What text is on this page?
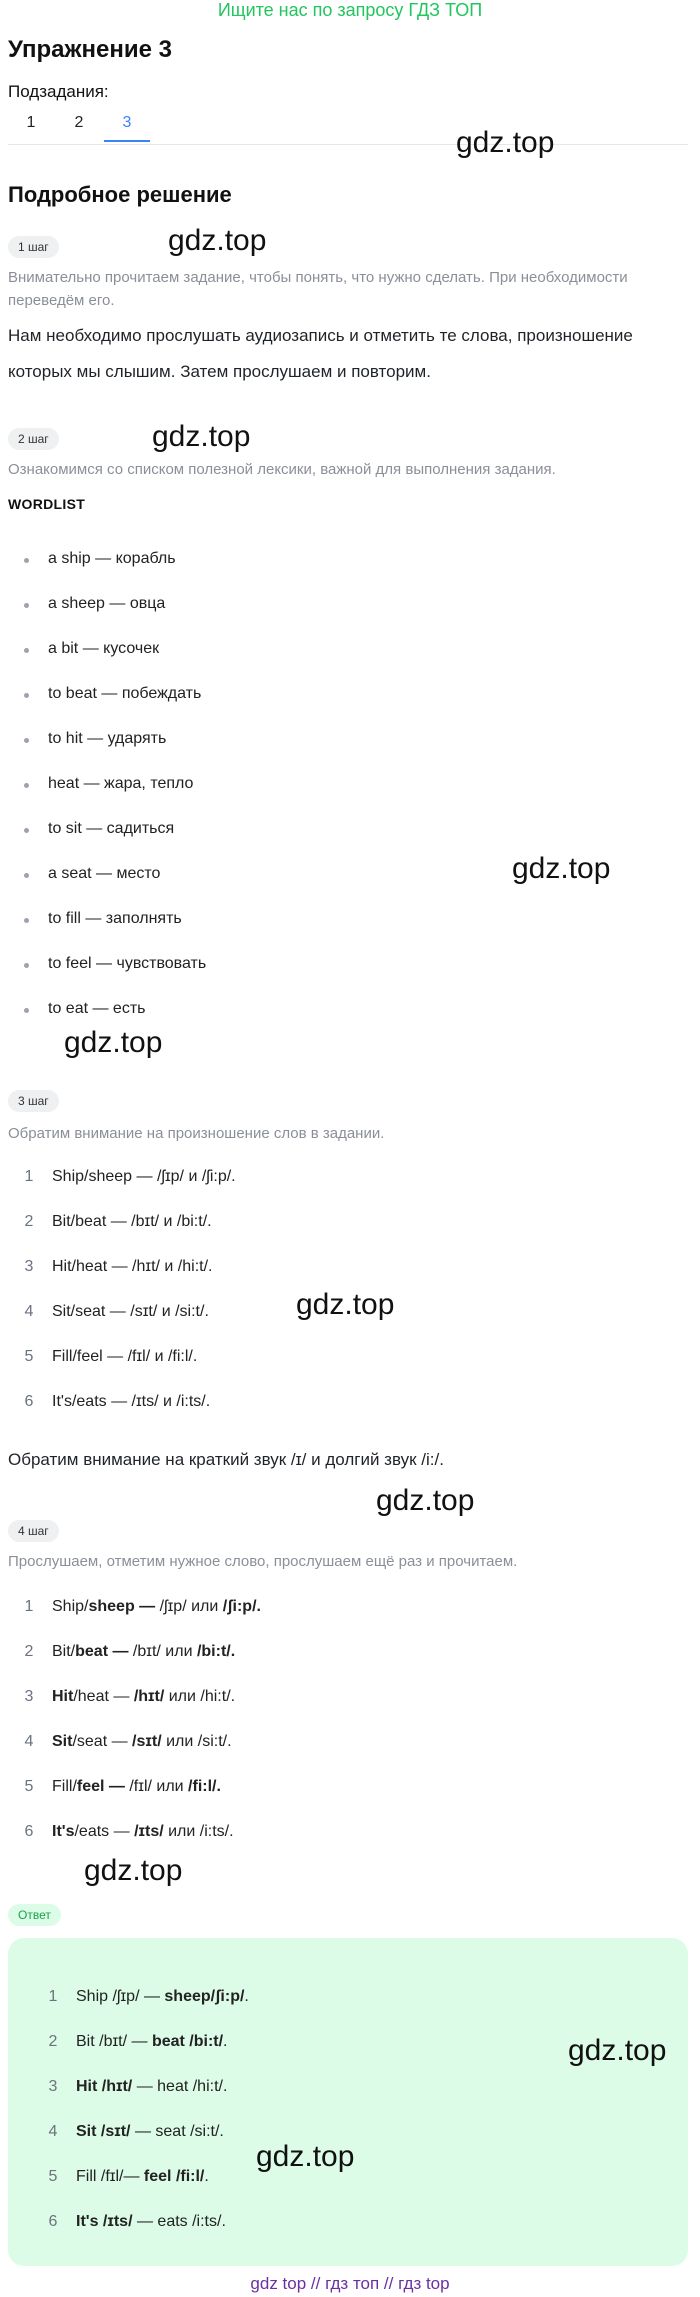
Ищите нас по запросу ГДЗ ТОП
Упражнение 3
Подзадания:
1	2	3
gdz.top
Подробное решение
1 шаг	gdz.top
Внимательно прочитаем задание, чтобы понять, что нужно сделать. При необходимости переведём его.
Нам необходимо прослушать аудиозапись и отметить те слова, произношение
которых мы слышим. Затем прослушаем и повторим.
2 шаг	gdz.top
Ознакомимся со списком полезной лексики, важной для выполнения задания.
WORDLIST
a ship — корабль
a sheep — овца
a bit — кусочек
to beat — побеждать
to hit — ударять
heat — жара, тепло
to sit — садиться
a seat — место
to fill — заполнять
to feel — чувствовать
to eat — есть
gdz.top
gdz.top
3 шаг
Обратим внимание на произношение слов в задании.
1 Ship/sheep — /ʃɪp/ и /ʃi:p/.
2 Bit/beat — /bɪt/ и /bi:t/.
3 Hit/heat — /hɪt/ и /hi:t/.
4 Sit/seat — /sɪt/ и /si:t/.
5 Fill/feel — /fɪl/ и /fi:l/.
6 It's/eats — /ɪts/ и /i:ts/.
gdz.top
Обратим внимание на краткий звук /ɪ/ и долгий звук /i:/.
gdz.top
4 шаг
Прослушаем, отметим нужное слово, прослушаем ещё раз и прочитаем.
1 Ship/sheep — /ʃɪp/ или /ʃi:p/.
2 Bit/beat — /bɪt/ или /bi:t/.
3 Hit/heat — /hɪt/ или /hi:t/.
4 Sit/seat — /sɪt/ или /si:t/.
5 Fill/feel — /fɪl/ или /fi:l/.
6 It's/eats — /ɪts/ или /i:ts/.
gdz.top
Ответ
1 Ship /ʃɪp/ — sheep/ʃi:p/.
2 Bit /bɪt/ — beat /bi:t/.
3 Hit /hɪt/ — heat /hi:t/.
4 Sit /sɪt/ — seat /si:t/.
5 Fill /fɪl/— feel /fi:l/.
6 It's /ɪts/ — eats /i:ts/.
gdz.top
gdz.top
gdz top // гдз топ // гдз top
